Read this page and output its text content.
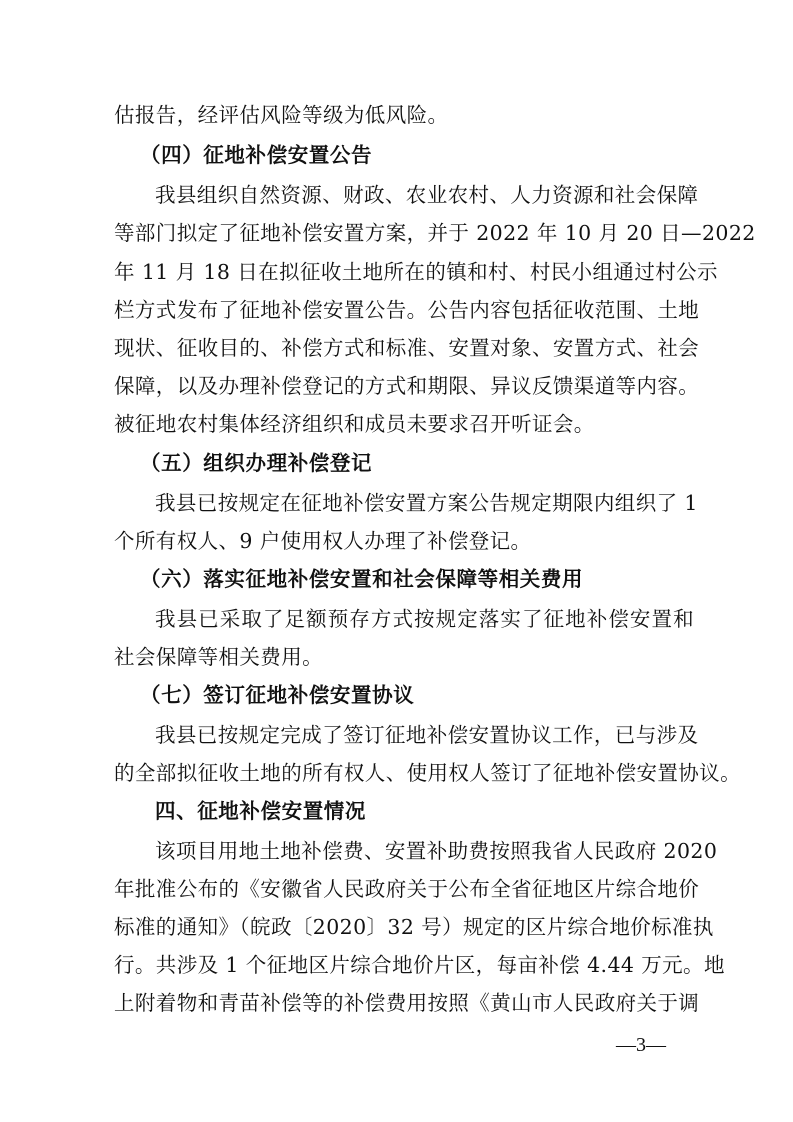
估报告，经评估风险等级为低风险。
（四）征地补偿安置公告
我县组织自然资源、财政、农业农村、人力资源和社会保障
等部门拟定了征地补偿安置方案，并于 2022 年 10 月 20 日—2022
年 11 月 18 日在拟征收土地所在的镇和村、村民小组通过村公示
栏方式发布了征地补偿安置公告。公告内容包括征收范围、土地
现状、征收目的、补偿方式和标准、安置对象、安置方式、社会
保障，以及办理补偿登记的方式和期限、异议反馈渠道等内容。
被征地农村集体经济组织和成员未要求召开听证会。
（五）组织办理补偿登记
我县已按规定在征地补偿安置方案公告规定期限内组织了 1
个所有权人、9 户使用权人办理了补偿登记。
（六）落实征地补偿安置和社会保障等相关费用
我县已采取了足额预存方式按规定落实了征地补偿安置和
社会保障等相关费用。
（七）签订征地补偿安置协议
我县已按规定完成了签订征地补偿安置协议工作，已与涉及
的全部拟征收土地的所有权人、使用权人签订了征地补偿安置协议。
四、征地补偿安置情况
该项目用地土地补偿费、安置补助费按照我省人民政府 2020
年批准公布的《安徽省人民政府关于公布全省征地区片综合地价
标准的通知》（皖政〔2020〕32 号）规定的区片综合地价标准执
行。共涉及 1 个征地区片综合地价片区，每亩补偿 4.44 万元。地
上附着物和青苗补偿等的补偿费用按照《黄山市人民政府关于调
—3—
